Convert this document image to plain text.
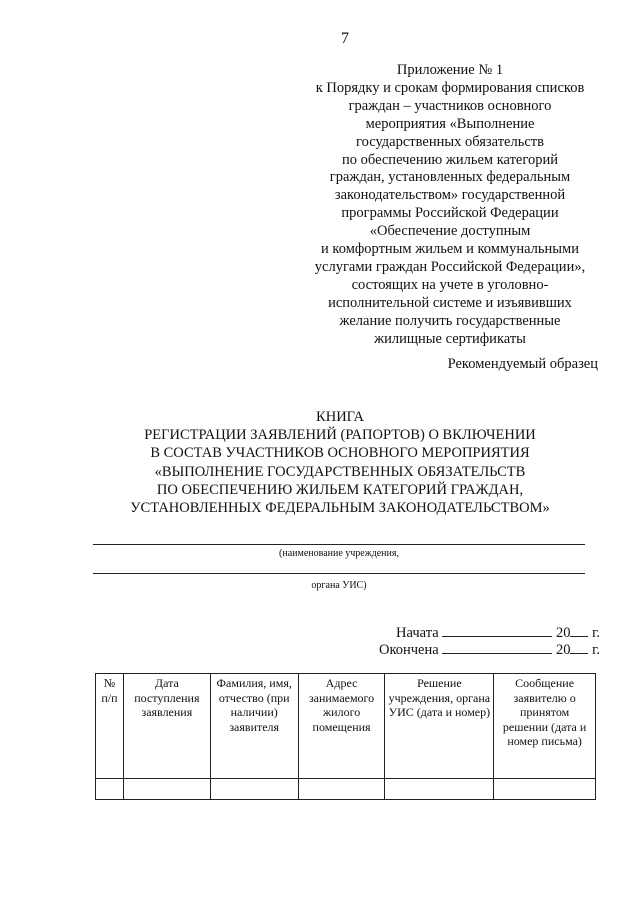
7
Приложение № 1
к Порядку и срокам формирования списков
граждан – участников основного
мероприятия «Выполнение
государственных обязательств
по обеспечению жильем категорий
граждан, установленных федеральным
законодательством» государственной
программы Российской Федерации
«Обеспечение доступным
и комфортным жильем и коммунальными
услугами граждан Российской Федерации»,
состоящих на учете в уголовно-
исполнительной системе и изъявивших
желание получить государственные
жилищные сертификаты
Рекомендуемый образец
КНИГА
РЕГИСТРАЦИИ ЗАЯВЛЕНИЙ (РАПОРТОВ) О ВКЛЮЧЕНИИ
В СОСТАВ УЧАСТНИКОВ ОСНОВНОГО МЕРОПРИЯТИЯ
«ВЫПОЛНЕНИЕ ГОСУДАРСТВЕННЫХ ОБЯЗАТЕЛЬСТВ
ПО ОБЕСПЕЧЕНИЮ ЖИЛЬЕМ КАТЕГОРИЙ ГРАЖДАН,
УСТАНОВЛЕННЫХ ФЕДЕРАЛЬНЫМ ЗАКОНОДАТЕЛЬСТВОМ»
(наименование учреждения,
органа УИС)
Начата	20 г.
Окончена	20 г.
№ п/п	Дата поступления заявления	Фамилия, имя, отчество (при наличии) заявителя	Адрес занимаемого жилого помещения	Решение учреждения, органа УИС (дата и номер)	Сообщение заявителю о принятом решении (дата и номер письма)
